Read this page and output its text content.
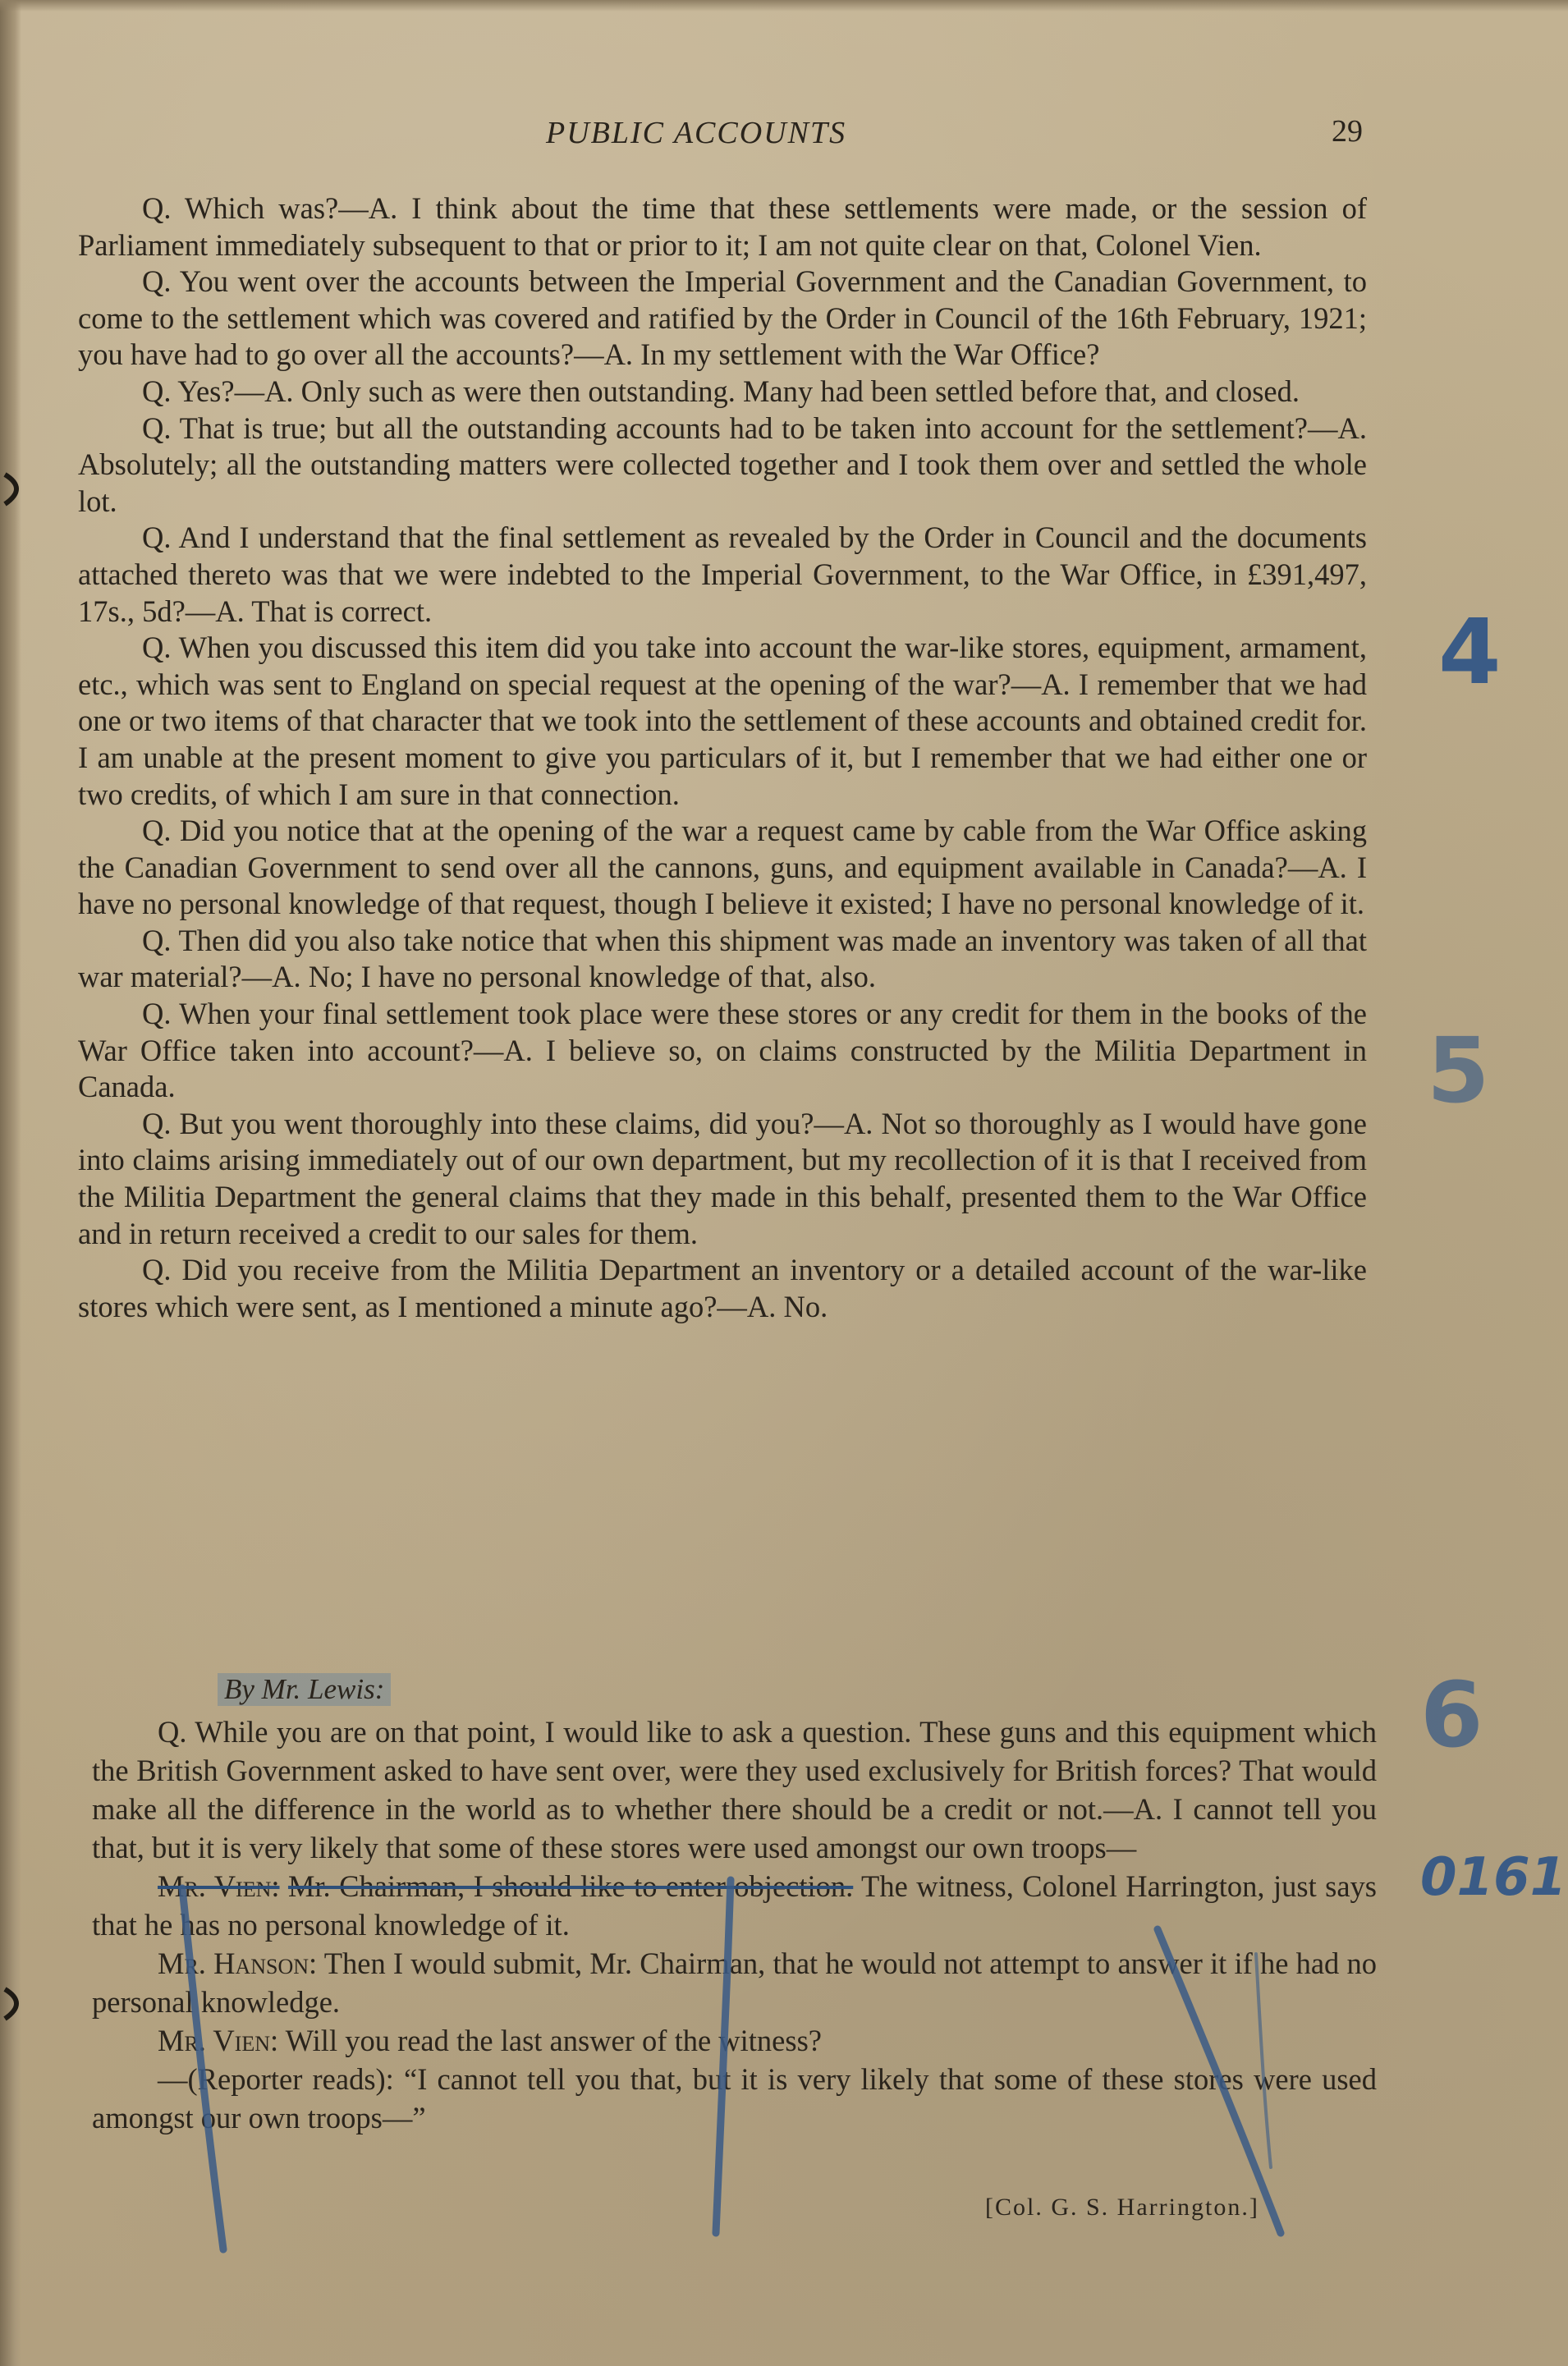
PUBLIC ACCOUNTS	29

Q. Which was?—A. I think about the time that these settlements were made, or the session of Parliament immediately subsequent to that or prior to it; I am not quite clear on that, Colonel Vien.

Q. You went over the accounts between the Imperial Government and the Canadian Government, to come to the settlement which was covered and ratified by the Order in Council of the 16th February, 1921; you have had to go over all the accounts?—A. In my settlement with the War Office?

Q. Yes?—A. Only such as were then outstanding. Many had been settled before that, and closed.

Q. That is true; but all the outstanding accounts had to be taken into account for the settlement?—A. Absolutely; all the outstanding matters were collected together and I took them over and settled the whole lot.

Q. And I understand that the final settlement as revealed by the Order in Council and the documents attached thereto was that we were indebted to the Imperial Government, to the War Office, in £391,497, 17s., 5d?—A. That is correct.

Q. When you discussed this item did you take into account the war-like stores, equipment, armament, etc., which was sent to England on special request at the opening of the war?—A. I remember that we had one or two items of that character that we took into the settlement of these accounts and obtained credit for. I am unable at the present moment to give you particulars of it, but I remember that we had either one or two credits, of which I am sure in that connection.

Q. Did you notice that at the opening of the war a request came by cable from the War Office asking the Canadian Government to send over all the cannons, guns, and equipment available in Canada?—A. I have no personal knowledge of that request, though I believe it existed; I have no personal knowledge of it.

Q. Then did you also take notice that when this shipment was made an inventory was taken of all that war material?—A. No; I have no personal knowledge of that, also.

Q. When your final settlement took place were these stores or any credit for them in the books of the War Office taken into account?—A. I believe so, on claims constructed by the Militia Department in Canada.

Q. But you went thoroughly into these claims, did you?—A. Not so thoroughly as I would have gone into claims arising immediately out of our own department, but my recollection of it is that I received from the Militia Department the general claims that they made in this behalf, presented them to the War Office and in return received a credit to our sales for them.

Q. Did you receive from the Militia Department an inventory or a detailed account of the war-like stores which were sent, as I mentioned a minute ago?—A. No.

By Mr. Lewis:

Q. While you are on that point, I would like to ask a question. These guns and this equipment which the British Government asked to have sent over, were they used exclusively for British forces? That would make all the difference in the world as to whether there should be a credit or not.—A. I cannot tell you that, but it is very likely that some of these stores were used amongst our own troops—

Mr. Vien: Mr. Chairman, I should like to enter objection. The witness, Colonel Harrington, just says that he has no personal knowledge of it.

Mr. Hanson: Then I would submit, Mr. Chairman, that he would not attempt to answer it if he had no personal knowledge.

Mr. Vien: Will you read the last answer of the witness?

—(Reporter reads): “I cannot tell you that, but it is very likely that some of these stores were used amongst our own troops—”

[Col. G. S. Harrington.]
4
5
6
0161
